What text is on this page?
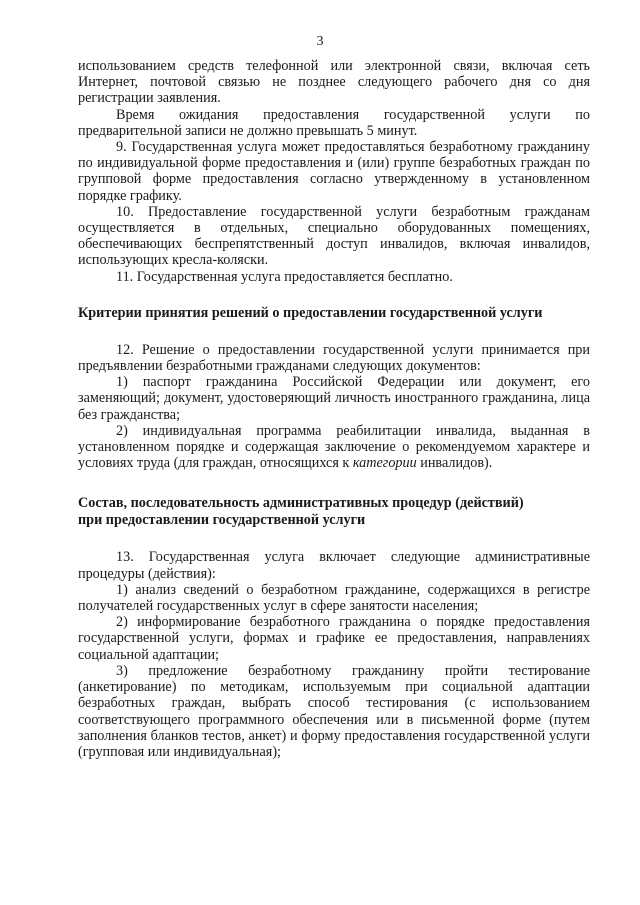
3

использованием средств телефонной или электронной связи, включая сеть Интернет, почтовой связью не позднее следующего рабочего дня со дня регистрации заявления.

Время ожидания предоставления государственной услуги по предварительной записи не должно превышать 5 минут.

9. Государственная услуга может предоставляться безработному гражданину по индивидуальной форме предоставления и (или) группе безработных граждан по групповой форме предоставления согласно утвержденному в установленном порядке графику.

10. Предоставление государственной услуги безработным гражданам осуществляется в отдельных, специально оборудованных помещениях, обеспечивающих беспрепятственный доступ инвалидов, включая инвалидов, использующих кресла-коляски.

11. Государственная услуга предоставляется бесплатно.

Критерии принятия решений о предоставлении государственной услуги

12. Решение о предоставлении государственной услуги принимается при предъявлении безработными гражданами следующих документов:

1) паспорт гражданина Российской Федерации или документ, его заменяющий; документ, удостоверяющий личность иностранного гражданина, лица без гражданства;

2) индивидуальная программа реабилитации инвалида, выданная в установленном порядке и содержащая заключение о рекомендуемом характере и условиях труда (для граждан, относящихся к категории инвалидов).

Состав, последовательность административных процедур (действий)

при предоставлении государственной услуги

13. Государственная услуга включает следующие административные процедуры (действия):

1) анализ сведений о безработном гражданине, содержащихся в регистре получателей государственных услуг в сфере занятости населения;

2) информирование безработного гражданина о порядке предоставления государственной услуги, формах и графике ее предоставления, направлениях социальной адаптации;

3) предложение безработному гражданину пройти тестирование (анкетирование) по методикам, используемым при социальной адаптации безработных граждан, выбрать способ тестирования (с использованием соответствующего программного обеспечения или в письменной форме (путем заполнения бланков тестов, анкет) и форму предоставления государственной услуги (групповая или индивидуальная);
